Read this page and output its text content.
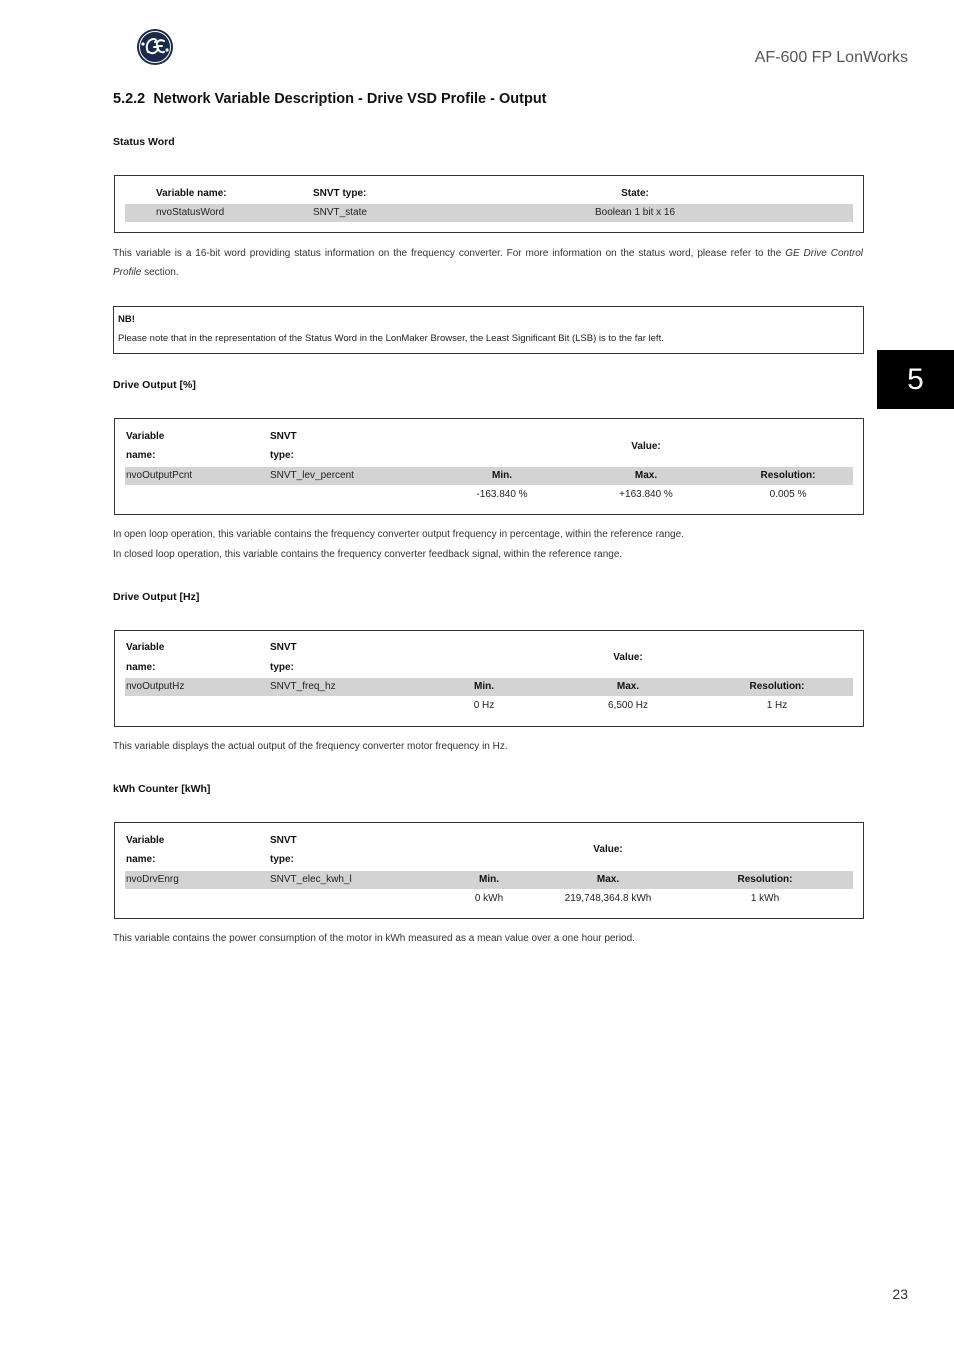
AF-600 FP LonWorks
5.2.2 Network Variable Description - Drive VSD Profile - Output
Status Word
Variable name:	SNVT type:	State:
nvoStatusWord	SNVT_state	Boolean 1 bit x 16
This variable is a 16-bit word providing status information on the frequency converter. For more information on the status word, please refer to the GE Drive Control Profile section.
NB!
Please note that in the representation of the Status Word in the LonMaker Browser, the Least Significant Bit (LSB) is to the far left.
Drive Output [%]
Variable
name:
SNVT
type:
Value:
nvoOutputPcnt	SNVT_lev_percent	Min.	Max.	Resolution:
-163.840 %	+163.840 %	0.005 %
In open loop operation, this variable contains the frequency converter output frequency in percentage, within the reference range.
In closed loop operation, this variable contains the frequency converter feedback signal, within the reference range.
Drive Output [Hz]
Variable
name:
SNVT
type:
Value:
nvoOutputHz	SNVT_freq_hz	Min.	Max.	Resolution:
0 Hz	6,500 Hz	1 Hz
This variable displays the actual output of the frequency converter motor frequency in Hz.
kWh Counter [kWh]
Variable
name:
SNVT
type:
Value:
nvoDrvEnrg	SNVT_elec_kwh_l	Min.	Max.	Resolution:
0 kWh	219,748,364.8 kWh	1 kWh
This variable contains the power consumption of the motor in kWh measured as a mean value over a one hour period.
5
23
